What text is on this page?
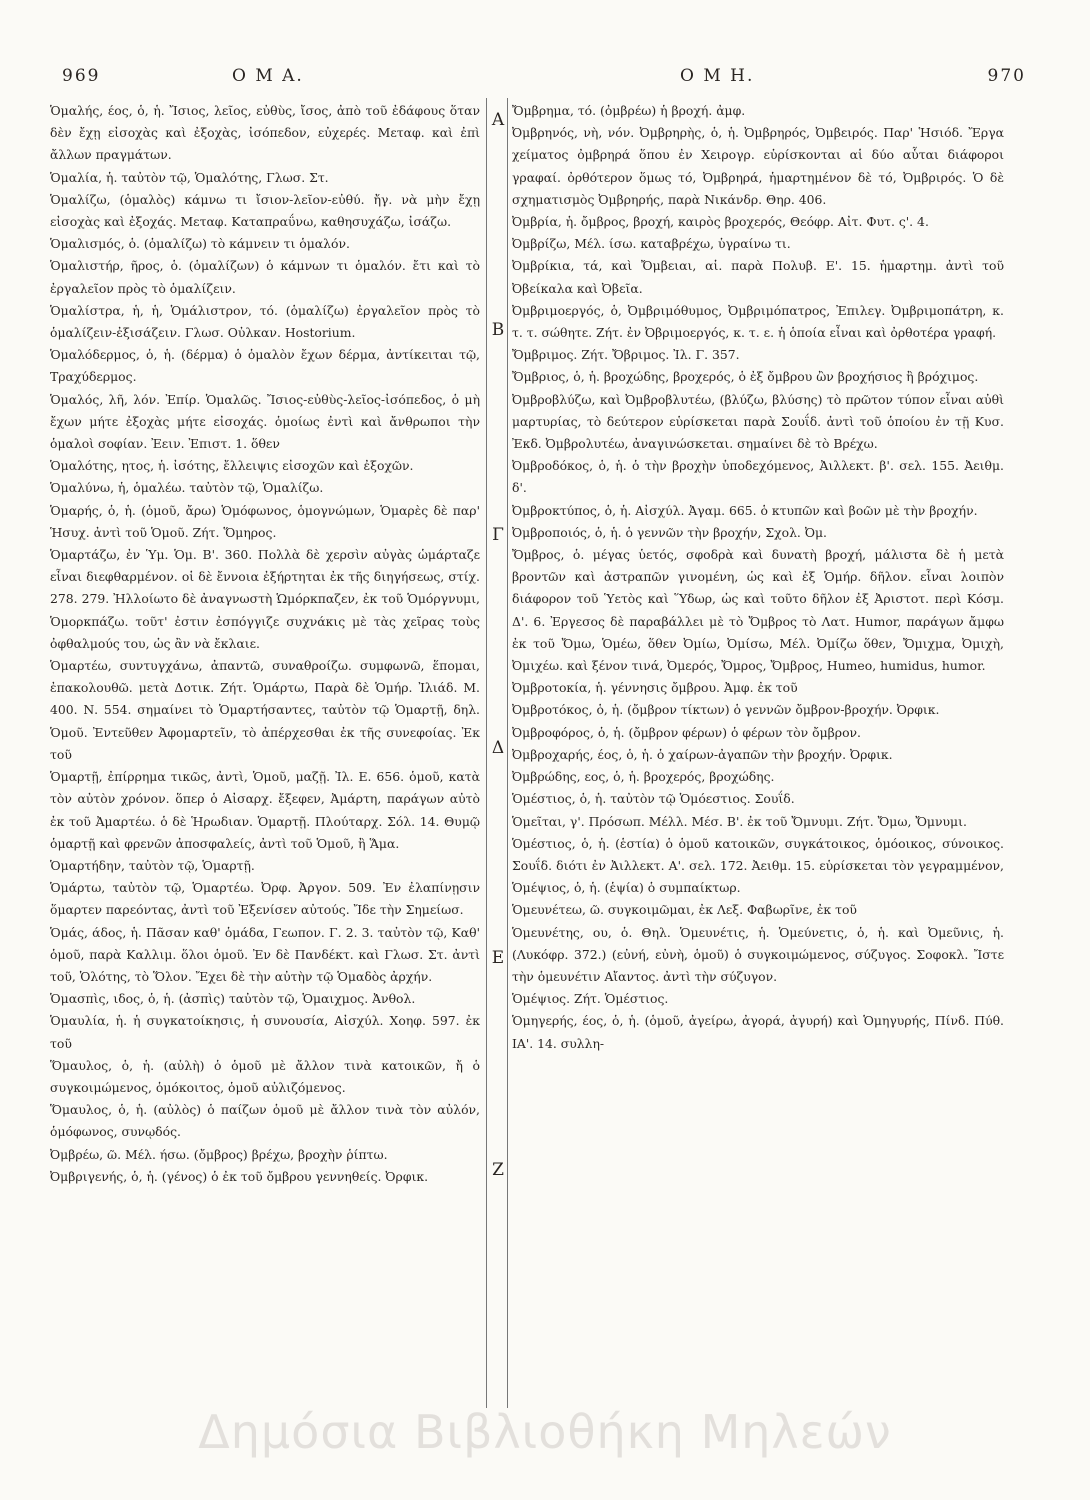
969	Ο Μ Α.	Ο Μ Η.	970
Α
Β
Γ
Δ
Ε
Ζ

Ὁμαλής, έος, ὁ, ἡ. Ἴσιος, λεῖος, εὐθὺς, ἴσος, ἀπὸ τοῦ ἐδάφους ὅταν δὲν ἔχῃ εἰσοχὰς καὶ ἐξοχὰς, ἰσόπεδον, εὐχερές. Μεταφ. καὶ ἐπὶ ἄλλων πραγμάτων.

Ὁμαλία, ἡ. ταὐτὸν τῷ, Ὁμαλότης, Γλωσ. Στ.

Ὁμαλίζω, (ὁμαλὸς) κάμνω τι ἴσιον-λεῖον-εὐθύ. ἤγ. νὰ μὴν ἔχῃ εἰσοχὰς καὶ ἐξοχάς. Μεταφ. Καταπραΰνω, καθησυχάζω, ἰσάζω.

Ὁμαλισμός, ὁ. (ὁμαλίζω) τὸ κάμνειν τι ὁμαλόν.

Ὁμαλιστήρ, ῆρος, ὁ. (ὁμαλίζων) ὁ κάμνων τι ὁμαλόν. ἔτι καὶ τὸ ἐργαλεῖον πρὸς τὸ ὁμαλίζειν.

Ὁμαλίστρα, ἡ, ἡ, Ὁμάλιστρον, τό. (ὁμαλίζω) ἐργαλεῖον πρὸς τὸ ὁμαλίζειν-ἐξισάζειν. Γλωσ. Οὐλκαν. Hostorium.

Ὁμαλόδερμος, ὁ, ἡ. (δέρμα) ὁ ὁμαλὸν ἔχων δέρμα, ἀντίκειται τῷ, Τραχύδερμος.

Ὁμαλός, λῆ, λόν. Ἐπίρ. Ὁμαλῶς. Ἴσιος-εὐθὺς-λεῖος-ἰσόπεδος, ὁ μὴ ἔχων μήτε ἐξοχὰς μήτε εἰσοχάς. ὁμοίως ἐντὶ καὶ ἄνθρωποι τὴν ὁμαλοὶ σοφίαν. Ἐειν. Ἐπιστ. 1. ὅθεν

Ὁμαλότης, ητος, ἡ. ἰσότης, ἔλλειψις εἰσοχῶν καὶ ἐξοχῶν.

Ὁμαλύνω, ἡ, ὁμαλέω. ταὐτὸν τῷ, Ὁμαλίζω.

Ὁμαρής, ὁ, ἡ. (ὁμοῦ, ἄρω) Ὁμόφωνος, ὁμογνώμων, Ὁμαρὲς δὲ παρ' Ἡσυχ. ἀντὶ τοῦ Ὁμοῦ. Ζήτ. Ὅμηρος.

Ὁμαρτάζω, ἐν Ὑμ. Ὁμ. Β'. 360. Πολλὰ δὲ χερσὶν αὐγὰς ὡμάρταζε εἶναι διεφθαρμένον. οἱ δὲ ἔννοια ἐξήρτηται ἐκ τῆς διηγήσεως, στίχ. 278. 279. Ἠλλοίωτο δὲ ἀναγνωστὴ Ὡμόρκπαζεν, ἐκ τοῦ Ὁμόργνυμι, Ὁμορκπάζω. τοῦτ' ἐστιν ἐσπόγγιζε συχνάκις μὲ τὰς χεῖρας τοὺς ὀφθαλμούς του, ὡς ἂν νὰ ἔκλαιε.

Ὁμαρτέω, συντυγχάνω, ἀπαντῶ, συναθροίζω. συμφωνῶ, ἕπομαι, ἐπακολουθῶ. μετὰ Δοτικ. Ζήτ. Ὁμάρτω, Παρὰ δὲ Ὁμήρ. Ἰλιάδ. Μ. 400. Ν. 554. σημαίνει τὸ Ὁμαρτήσαντες, ταὐτὸν τῷ Ὁμαρτῇ, δηλ. Ὁμοῦ. Ἐντεῦθεν Ἀφομαρτεῖν, τὸ ἀπέρχεσθαι ἐκ τῆς συνεφοίας. Ἐκ τοῦ

Ὁμαρτῇ, ἐπίρρημα τικῶς, ἀντὶ, Ὁμοῦ, μαζῇ. Ἰλ. Ε. 656. ὁμοῦ, κατὰ τὸν αὐτὸν χρόνον. ὅπερ ὁ Αἰσαρχ. ἔξεφεν, Ἀμάρτη, παράγων αὐτὸ ἐκ τοῦ Ἀμαρτέω. ὁ δὲ Ἡρωδιαν. Ὁμαρτῇ. Πλούταρχ. Σόλ. 14. Θυμῷ ὁμαρτῇ καὶ φρενῶν ἀποσφαλείς, ἀντὶ τοῦ Ὁμοῦ, ἢ Ἅμα.

Ὁμαρτήδην, ταὐτὸν τῷ, Ὁμαρτῇ.

Ὁμάρτω, ταὐτὸν τῷ, Ὁμαρτέω. Ὀρφ. Ἀργον. 509. Ἐν ἐλαπίνῃσιν ὅμαρτεν παρεόντας, ἀντὶ τοῦ Ἐξενίσεν αὐτούς. Ἴδε τὴν Σημείωσ.

Ὁμάς, άδος, ἡ. Πᾶσαν καθ' ὁμάδα, Γεωπον. Γ. 2. 3. ταὐτὸν τῷ, Καθ' ὁμοῦ, παρὰ Καλλιμ. ὅλοι ὁμοῦ. Ἐν δὲ Πανδέκτ. καὶ Γλωσ. Στ. ἀντὶ τοῦ, Ὁλότης, τὸ Ὅλον. Ἔχει δὲ τὴν αὐτὴν τῷ Ὁμαδὸς ἀρχήν.

Ὁμασπὶς, ιδος, ὁ, ἡ. (ἀσπὶς) ταὐτὸν τῷ, Ὁμαιχμος. Ἀνθολ.

Ὁμαυλία, ἡ. ἡ συγκατοίκησις, ἡ συνουσία, Αἰσχύλ. Χοηφ. 597. ἐκ τοῦ

Ὅμαυλος, ὁ, ἡ. (αὐλὴ) ὁ ὁμοῦ μὲ ἄλλον τινὰ κατοικῶν, ἤ ὁ συγκοιμώμενος, ὁμόκοιτος, ὁμοῦ αὐλιζόμενος.

Ὅμαυλος, ὁ, ἡ. (αὐλὸς) ὁ παίζων ὁμοῦ μὲ ἄλλον τινὰ τὸν αὐλόν, ὁμόφωνος, συνῳδός.

Ὀμβρέω, ῶ. Μέλ. ήσω. (ὄμβρος) βρέχω, βροχὴν ῥίπτω.

Ὀμβριγενής, ὁ, ἡ. (γένος) ὁ ἐκ τοῦ ὄμβρου γεννηθείς. Ὀρφικ.

Ὄμβρημα, τό. (ὀμβρέω) ἡ βροχή. ἀμφ.

Ὀμβρηνός, νὴ, νόν. Ὀμβρηρὴς, ὁ, ἡ. Ὀμβρηρός, Ὀμβειρός. Παρ' Ἡσιόδ. Ἔργα χείματος ὀμβρηρά ὅπου ἐν Χειρογρ. εὑρίσκονται αἱ δύο αὗται διάφοροι γραφαί. ὀρθότερον ὅμως τό, Ὀμβρηρά, ἡμαρτημένον δὲ τό, Ὀμβριρός. Ὁ δὲ σχηματισμὸς Ὀμβρηρής, παρὰ Νικάνδρ. Θηρ. 406.

Ὀμβρία, ἡ. ὄμβρος, βροχή, καιρὸς βροχερός, Θεόφρ. Αἰτ. Φυτ. ς'. 4.

Ὀμβρίζω, Μέλ. ίσω. καταβρέχω, ὑγραίνω τι.

Ὀμβρίκια, τά, καὶ Ὄμβειαι, αἱ. παρὰ Πολυβ. Ε'. 15. ἡμαρτημ. ἀντὶ τοῦ Ὀβείκαλα καὶ Ὀβεῖα.

Ὀμβριμοεργός, ὁ, Ὀμβριμόθυμος, Ὀμβριμόπατρος, Ἐπιλεγ. Ὀμβριμοπάτρη, κ. τ. τ. σώθητε. Ζήτ. ἐν Ὀβριμοεργός, κ. τ. ε. ἡ ὁποία εἶναι καὶ ὀρθοτέρα γραφή.

Ὄμβριμος. Ζήτ. Ὄβριμος. Ἰλ. Γ. 357.

Ὄμβριος, ὁ, ἡ. βροχώδης, βροχερός, ὁ ἐξ ὄμβρου ὢν βροχήσιος ἢ βρόχιμος.

Ὀμβροβλύζω, καὶ Ὀμβροβλυτέω, (βλύζω, βλύσης) τὸ πρῶτον τύπον εἶναι αὐθὶ μαρτυρίας, τὸ δεύτερον εὑρίσκεται παρὰ Σουΐδ. ἀντὶ τοῦ ὁποίου ἐν τῇ Κυσ. Ἐκδ. Ὀμβρολυτέω, ἀναγινώσκεται. σημαίνει δὲ τὸ Βρέχω.

Ὀμβροδόκος, ὁ, ἡ. ὁ τὴν βροχὴν ὑποδεχόμενος, Ἀιλλεκτ. β'. σελ. 155. Ἀειθμ. δ'.

Ὀμβροκτύπος, ὁ, ἡ. Αἰσχύλ. Ἀγαμ. 665. ὁ κτυπῶν καὶ βοῶν μὲ τὴν βροχήν.

Ὀμβροποιός, ὁ, ἡ. ὁ γεννῶν τὴν βροχήν, Σχολ. Ὀμ.

Ὄμβρος, ὁ. μέγας ὑετός, σφοδρὰ καὶ δυνατὴ βροχή, μάλιστα δὲ ἡ μετὰ βροντῶν καὶ ἀστραπῶν γινομένη, ὡς καὶ ἐξ Ὁμήρ. δῆλον. εἶναι λοιπὸν διάφορον τοῦ Ὑετὸς καὶ Ὕδωρ, ὡς καὶ τοῦτο δῆλον ἐξ Ἀριστοτ. περὶ Κόσμ. Δ'. 6. Ἐργεσος δὲ παραβάλλει μὲ τὸ Ὄμβρος τὸ Λατ. Humor, παράγων ἄμφω ἐκ τοῦ Ὄμω, Ὁμέω, ὅθεν Ὀμίω, Ὀμίσω, Μέλ. Ὀμίζω ὅθεν, Ὄμιχμα, Ὀμιχὴ, Ὀμιχέω. καὶ ξένον τινά, Ὀμερός, Ὄμρος, Ὄμβρος, Humeo, humidus, humor.

Ὀμβροτοκία, ἡ. γέννησις ὄμβρου. Ἀμφ. ἐκ τοῦ

Ὀμβροτόκος, ὁ, ἡ. (ὄμβρον τίκτων) ὁ γεννῶν ὄμβρον-βροχήν. Ὀρφικ.

Ὀμβροφόρος, ὁ, ἡ. (ὄμβρον φέρων) ὁ φέρων τὸν ὄμβρον.

Ὀμβροχαρής, έος, ὁ, ἡ. ὁ χαίρων-ἀγαπῶν τὴν βροχήν. Ὀρφικ.

Ὀμβρώδης, εος, ὁ, ἡ. βροχερός, βροχώδης.

Ὁμέστιος, ὁ, ἡ. ταὐτὸν τῷ Ὁμόεστιος. Σουΐδ.

Ὁμεῖται, γ'. Πρόσωπ. Μέλλ. Μέσ. Β'. ἐκ τοῦ Ὄμνυμι. Ζήτ. Ὄμω, Ὄμνυμι.

Ὁμέστιος, ὁ, ἡ. (ἑστία) ὁ ὁμοῦ κατοικῶν, συγκάτοικος, ὁμόοικος, σύνοικος. Σουΐδ. διότι ἐν Ἀιλλεκτ. Α'. σελ. 172. Ἀειθμ. 15. εὑρίσκεται τὸν γεγραμμένον, Ὁμέψιος, ὁ, ἡ. (ἑψία) ὁ συμπαίκτωρ.

Ὁμευνέτεω, ῶ. συγκοιμῶμαι, ἐκ Λεξ. Φαβωρῖνε, ἐκ τοῦ

Ὁμευνέτης, ου, ὁ. Θηλ. Ὁμευνέτις, ἡ. Ὁμεύνετις, ὁ, ἡ. καὶ Ὀμεῦνις, ἡ. (Λυκόφρ. 372.) (εὐνή, εὐνὴ, ὁμοῦ) ὁ συγκοιμώμενος, σύζυγος. Σοφοκλ. Ἴστε τὴν ὁμευνέτιν Αἴαντος. ἀντὶ τὴν σύζυγον.

Ὁμέψιος. Ζήτ. Ὁμέστιος.

Ὁμηγερής, έος, ὁ, ἡ. (ὁμοῦ, ἀγείρω, ἀγορά, ἀγυρή) καὶ Ὁμηγυρής, Πίνδ. Πύθ. ΙΑ'. 14. συλλη-

Δημόσια Βιβλιοθήκη Μηλεών
